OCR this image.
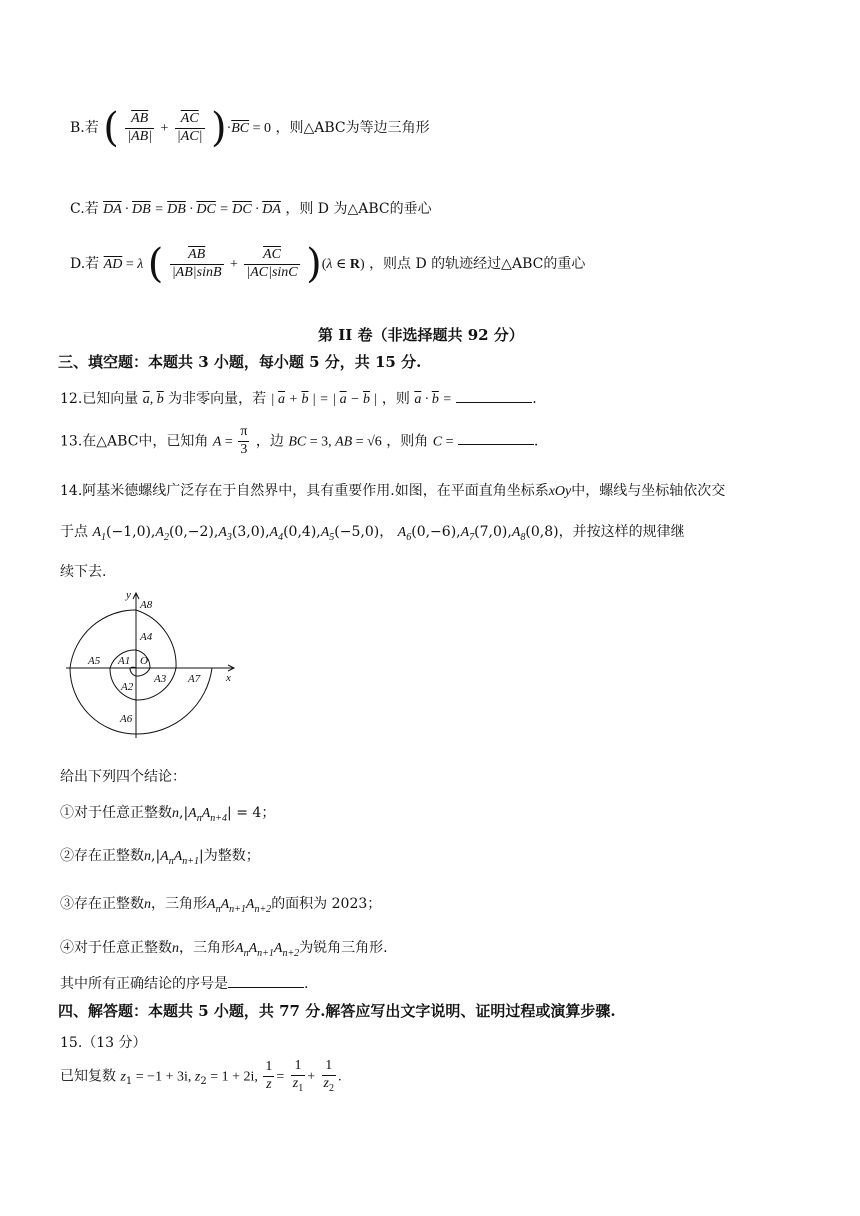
B.若 ( $\frac{\overline{AB}}{|\overline{AB}|} + \frac{\overline{AC}}{|\overline{AC}|} )\cdot\overline{BC} = 0$ ，则△ABC为等边三角形
C.若 $\overline{DA} \cdot \overline{DB} = \overline{DB} \cdot \overline{DC} = \overline{DC} \cdot \overline{DA}$ ，则 D 为△ABC的垂心
D.若 $\overline{AD} = \lambda$ ( $\frac{\overline{AB}}{|\overline{AB}|\sin B} + \frac{\overline{AC}}{|\overline{AC}|\sin C} )(\lambda$ ∈ R) ，则点 D 的轨迹经过△ABC的重心
第 II 卷（非选择题共 92 分）
三、填空题：本题共 3 小题，每小题 5 分，共 15 分.
12.已知向量 $\overline{a}$, $\overline{b}$ 为非零向量，若 | $\overline{a} + \overline{b}$ | = | $\overline{a} - \overline{b}$ | ，则 $\overline{a} \cdot \overline{b}$ =	.
13.在△ABC中，已知角 $A = \frac{\pi}{3}$ ，边 BC = 3, AB = √6 ，则角 C =	.
14.阿基米德螺线广泛存在于自然界中，具有重要作用.如图，在平面直角坐标系xOy中，螺线与坐标轴依次交
于点 $A_1(-1,0),A_2(0,-2),A_3(3,0),A_4(0,4),A_5(-5,0)$， $A_6(0,-6),A_7(7,0),A_8(0,8)$，并按这样的规律继
续下去.
y
x
O
A1
A2
A3
A4
A5
A6
A7
A8
给出下列四个结论：
①对于任意正整数$n,|A_nA_{n+4}| = 4$；
②存在正整数$n,|A_nA_{n+1}|$为整数；
③存在正整数n，三角形$A_nA_{n+1}A_{n+2}$的面积为 2023；
④对于任意正整数n，三角形$A_nA_{n+1}A_{n+2}$为锐角三角形.
其中所有正确结论的序号是	.
四、解答题：本题共 5 小题，共 77 分.解答应写出文字说明、证明过程或演算步骤.
15.（13 分）
已知复数 $z_1 = -1 + 3i$, $z_2 = 1 + 2i$, $\frac{1}{z} = \frac{1}{z_1} + \frac{1}{z_2}$ .
